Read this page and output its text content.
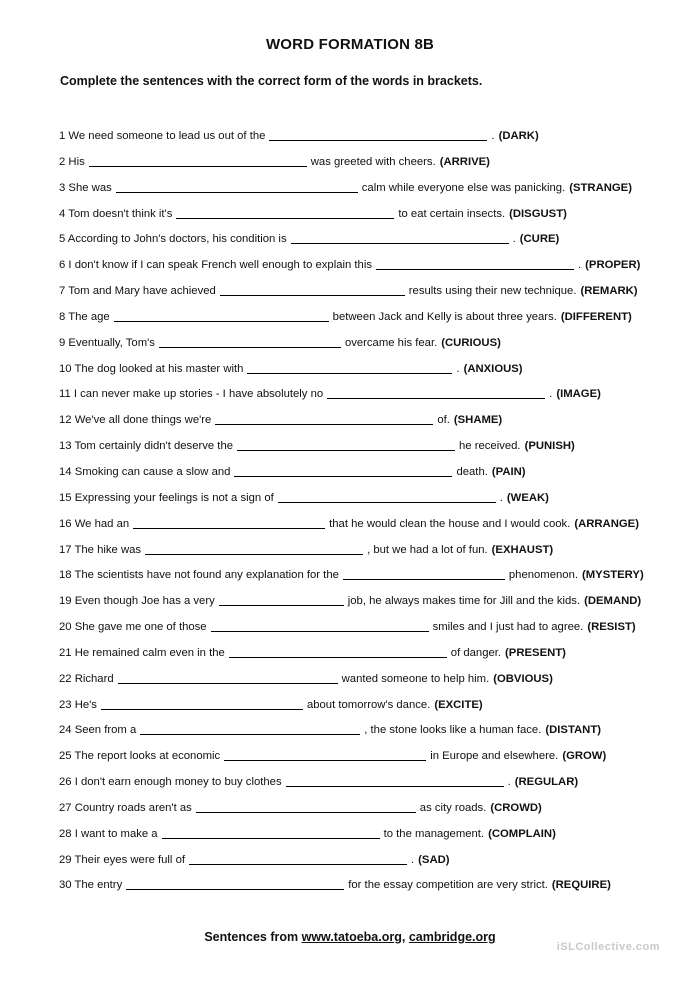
WORD FORMATION 8B
Complete the sentences with the correct form of the words in brackets.
1 We need someone to lead us out of the	. (DARK)
2 His	was greeted with cheers. (ARRIVE)
3 She was	calm while everyone else was panicking. (STRANGE)
4 Tom doesn't think it's	to eat certain insects. (DISGUST)
5 According to John's doctors, his condition is	. (CURE)
6 I don't know if I can speak French well enough to explain this	. (PROPER)
7 Tom and Mary have achieved	results using their new technique. (REMARK)
8 The age	between Jack and Kelly is about three years. (DIFFERENT)
9 Eventually, Tom's	overcame his fear. (CURIOUS)
10 The dog looked at his master with	. (ANXIOUS)
11 I can never make up stories - I have absolutely no	. (IMAGE)
12 We've all done things we're	of. (SHAME)
13 Tom certainly didn't deserve the	he received. (PUNISH)
14 Smoking can cause a slow and	death. (PAIN)
15 Expressing your feelings is not a sign of	. (WEAK)
16 We had an	that he would clean the house and I would cook. (ARRANGE)
17 The hike was	, but we had a lot of fun. (EXHAUST)
18 The scientists have not found any explanation for the	phenomenon. (MYSTERY)
19 Even though Joe has a very	job, he always makes time for Jill and the kids. (DEMAND)
20 She gave me one of those	smiles and I just had to agree. (RESIST)
21 He remained calm even in the	of danger. (PRESENT)
22 Richard	wanted someone to help him. (OBVIOUS)
23 He's	about tomorrow's dance. (EXCITE)
24 Seen from a	, the stone looks like a human face. (DISTANT)
25 The report looks at economic	in Europe and elsewhere. (GROW)
26 I don't earn enough money to buy clothes	. (REGULAR)
27 Country roads aren't as	as city roads. (CROWD)
28 I want to make a	to the management. (COMPLAIN)
29 Their eyes were full of	. (SAD)
30 The entry	for the essay competition are very strict. (REQUIRE)
Sentences from www.tatoeba.org, cambridge.org
iSLCollective.com
